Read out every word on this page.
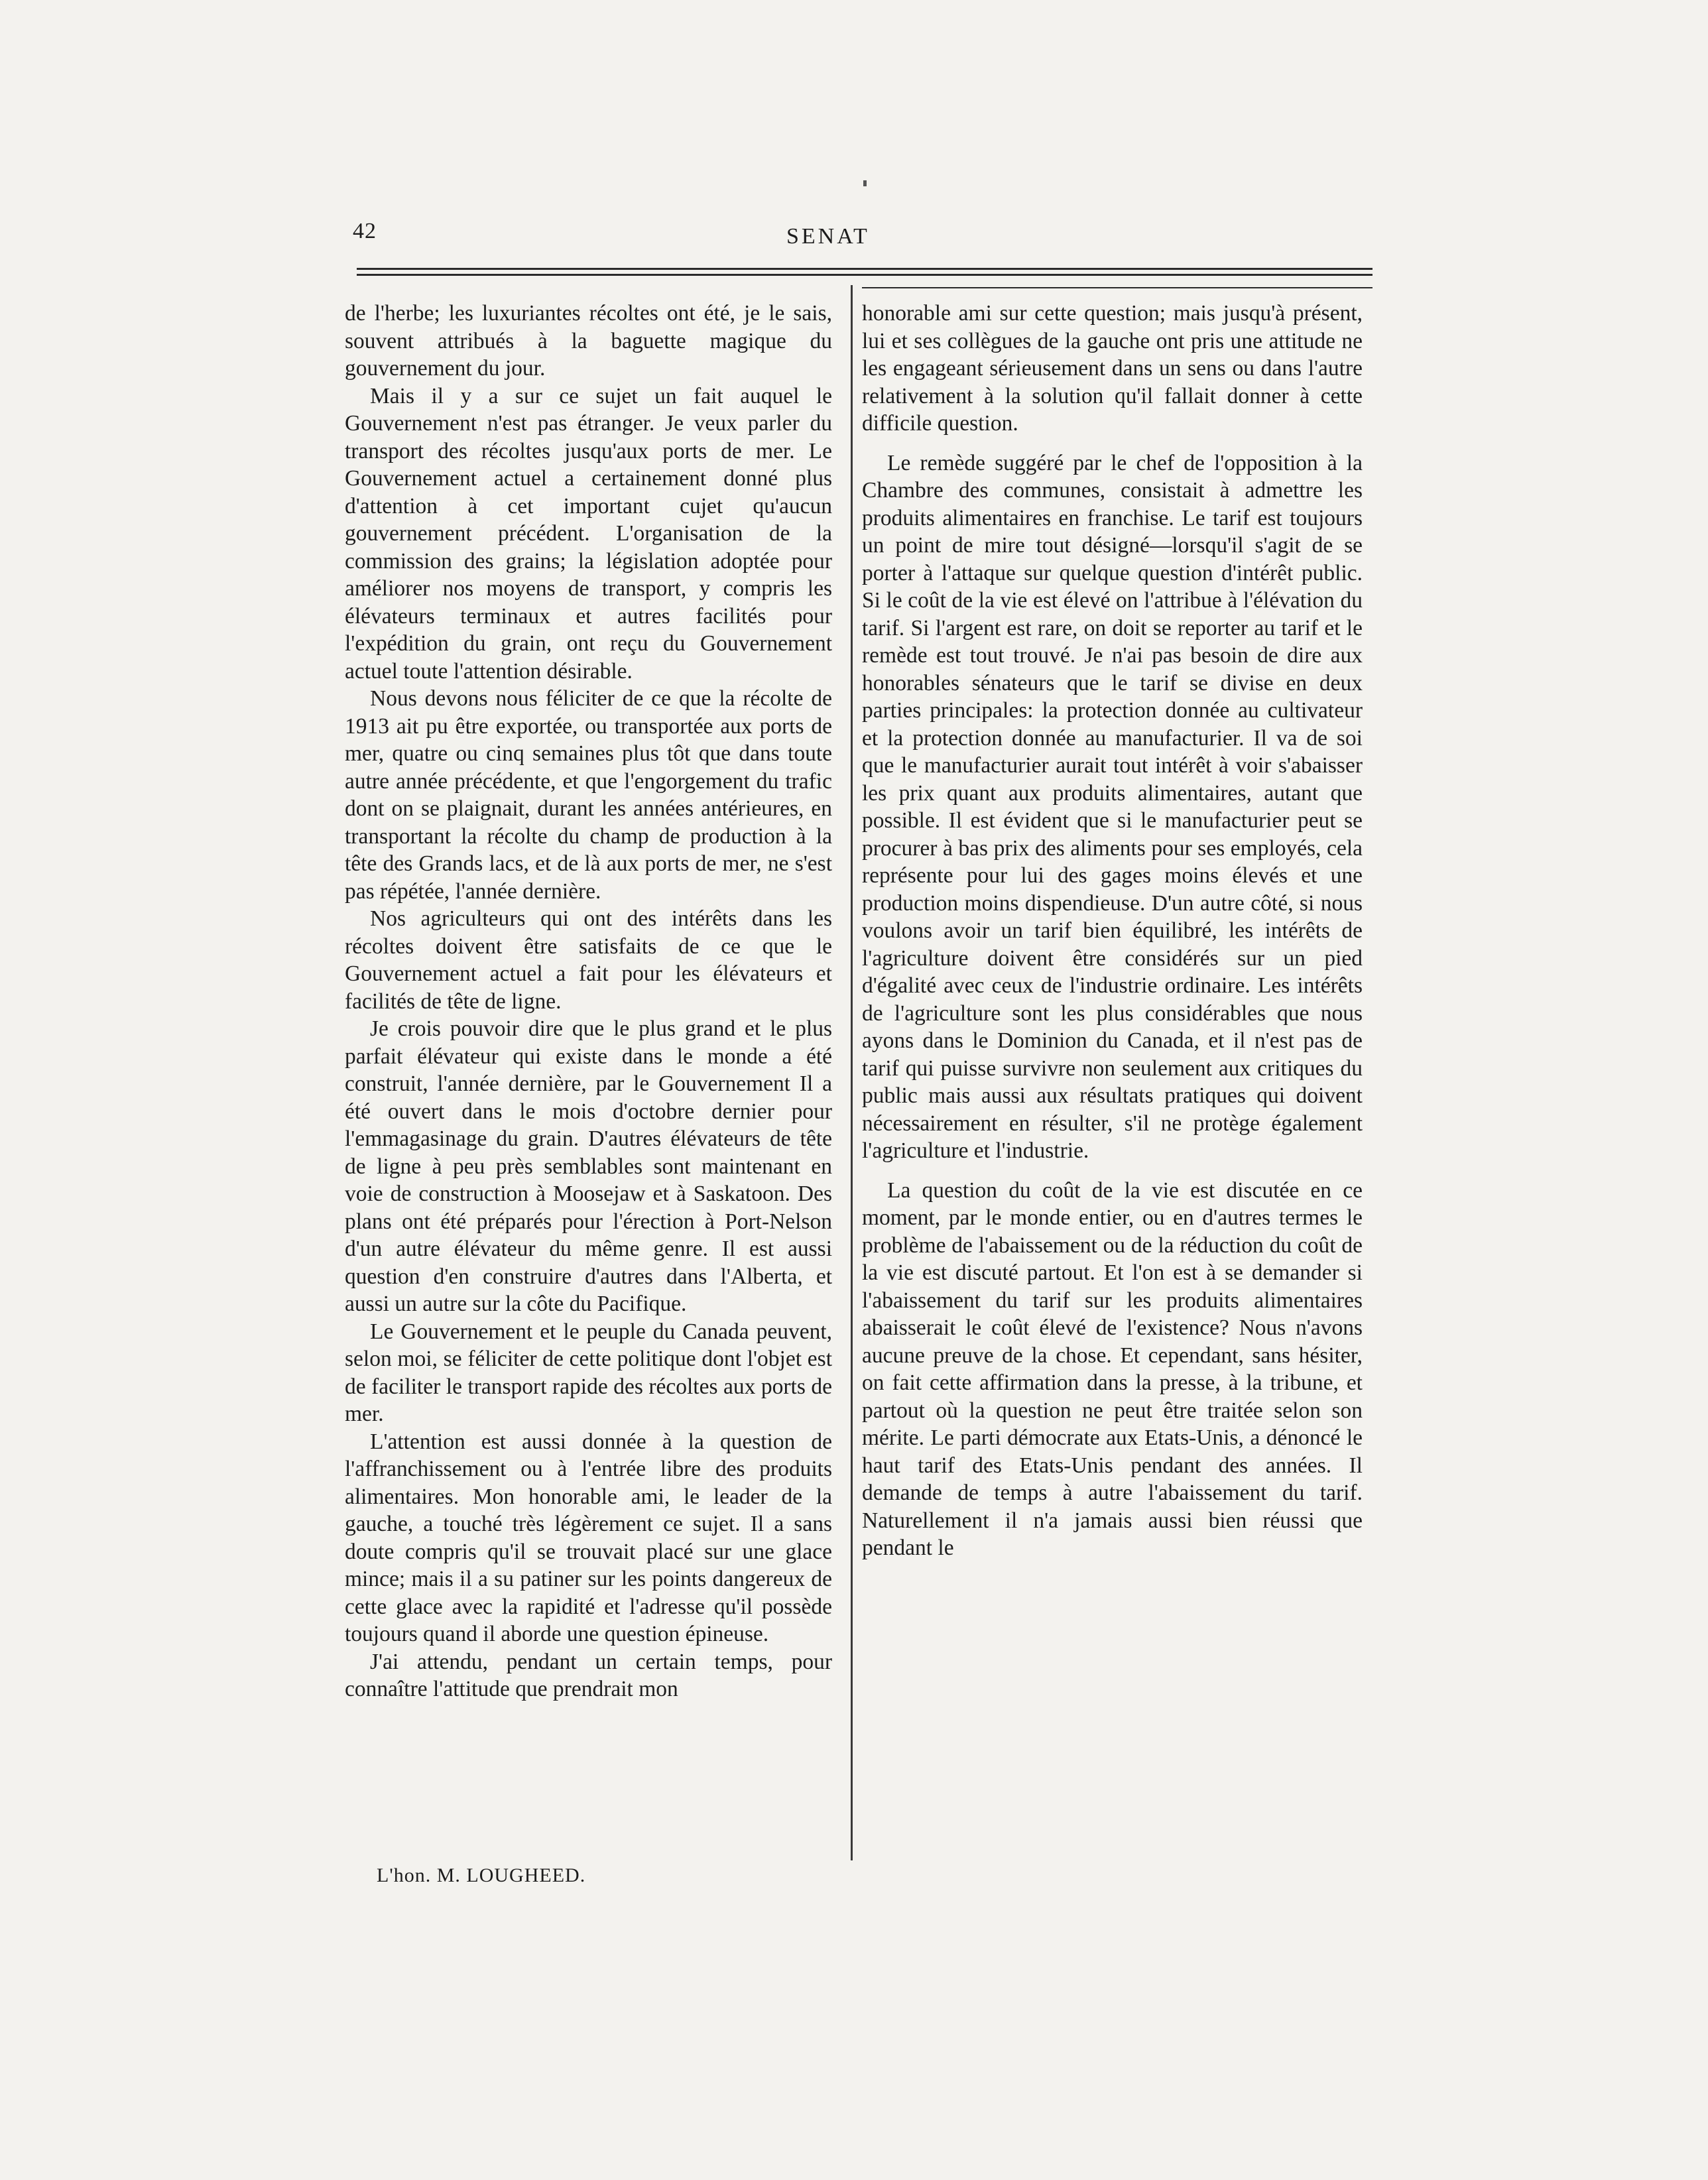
42	SENAT

de l'herbe; les luxuriantes récoltes ont été, je le sais, souvent attribués à la baguette magique du gouvernement du jour.

Mais il y a sur ce sujet un fait auquel le Gouvernement n'est pas étranger. Je veux parler du transport des récoltes jusqu'aux ports de mer. Le Gouvernement actuel a certainement donné plus d'attention à cet important cujet qu'aucun gouvernement précédent. L'organisation de la commission des grains; la législation adoptée pour améliorer nos moyens de transport, y compris les élévateurs terminaux et autres facilités pour l'expédition du grain, ont reçu du Gouvernement actuel toute l'attention désirable.

Nous devons nous féliciter de ce que la récolte de 1913 ait pu être exportée, ou transportée aux ports de mer, quatre ou cinq semaines plus tôt que dans toute autre année précédente, et que l'engorgement du trafic dont on se plaignait, durant les années antérieures, en transportant la récolte du champ de production à la tête des Grands lacs, et de là aux ports de mer, ne s'est pas répétée, l'année dernière.

Nos agriculteurs qui ont des intérêts dans les récoltes doivent être satisfaits de ce que le Gouvernement actuel a fait pour les élévateurs et facilités de tête de ligne.

Je crois pouvoir dire que le plus grand et le plus parfait élévateur qui existe dans le monde a été construit, l'année dernière, par le Gouvernement Il a été ouvert dans le mois d'octobre dernier pour l'emmagasinage du grain. D'autres élévateurs de tête de ligne à peu près semblables sont maintenant en voie de construction à Moosejaw et à Saskatoon. Des plans ont été préparés pour l'érection à Port-Nelson d'un autre élévateur du même genre. Il est aussi question d'en construire d'autres dans l'Alberta, et aussi un autre sur la côte du Pacifique.

Le Gouvernement et le peuple du Canada peuvent, selon moi, se féliciter de cette politique dont l'objet est de faciliter le transport rapide des récoltes aux ports de mer.

L'attention est aussi donnée à la question de l'affranchissement ou à l'entrée libre des produits alimentaires. Mon honorable ami, le leader de la gauche, a touché très légèrement ce sujet. Il a sans doute compris qu'il se trouvait placé sur une glace mince; mais il a su patiner sur les points dangereux de cette glace avec la rapidité et l'adresse qu'il possède toujours quand il aborde une question épineuse.

J'ai attendu, pendant un certain temps, pour connaître l'attitude que prendrait mon

honorable ami sur cette question; mais jusqu'à présent, lui et ses collègues de la gauche ont pris une attitude ne les engageant sérieusement dans un sens ou dans l'autre relativement à la solution qu'il fallait donner à cette difficile question.

Le remède suggéré par le chef de l'opposition à la Chambre des communes, consistait à admettre les produits alimentaires en franchise. Le tarif est toujours un point de mire tout désigné—lorsqu'il s'agit de se porter à l'attaque sur quelque question d'intérêt public. Si le coût de la vie est élevé on l'attribue à l'élévation du tarif. Si l'argent est rare, on doit se reporter au tarif et le remède est tout trouvé. Je n'ai pas besoin de dire aux honorables sénateurs que le tarif se divise en deux parties principales: la protection donnée au cultivateur et la protection donnée au manufacturier. Il va de soi que le manufacturier aurait tout intérêt à voir s'abaisser les prix quant aux produits alimentaires, autant que possible. Il est évident que si le manufacturier peut se procurer à bas prix des aliments pour ses employés, cela représente pour lui des gages moins élevés et une production moins dispendieuse. D'un autre côté, si nous voulons avoir un tarif bien équilibré, les intérêts de l'agriculture doivent être considérés sur un pied d'égalité avec ceux de l'industrie ordinaire. Les intérêts de l'agriculture sont les plus considérables que nous ayons dans le Dominion du Canada, et il n'est pas de tarif qui puisse survivre non seulement aux critiques du public mais aussi aux résultats pratiques qui doivent nécessairement en résulter, s'il ne protège également l'agriculture et l'industrie.

La question du coût de la vie est discutée en ce moment, par le monde entier, ou en d'autres termes le problème de l'abaissement ou de la réduction du coût de la vie est discuté partout. Et l'on est à se demander si l'abaissement du tarif sur les produits alimentaires abaisserait le coût élevé de l'existence? Nous n'avons aucune preuve de la chose. Et cependant, sans hésiter, on fait cette affirmation dans la presse, à la tribune, et partout où la question ne peut être traitée selon son mérite. Le parti démocrate aux Etats-Unis, a dénoncé le haut tarif des Etats-Unis pendant des années. Il demande de temps à autre l'abaissement du tarif. Naturellement il n'a jamais aussi bien réussi que pendant le

L'hon. M. LOUGHEED.
